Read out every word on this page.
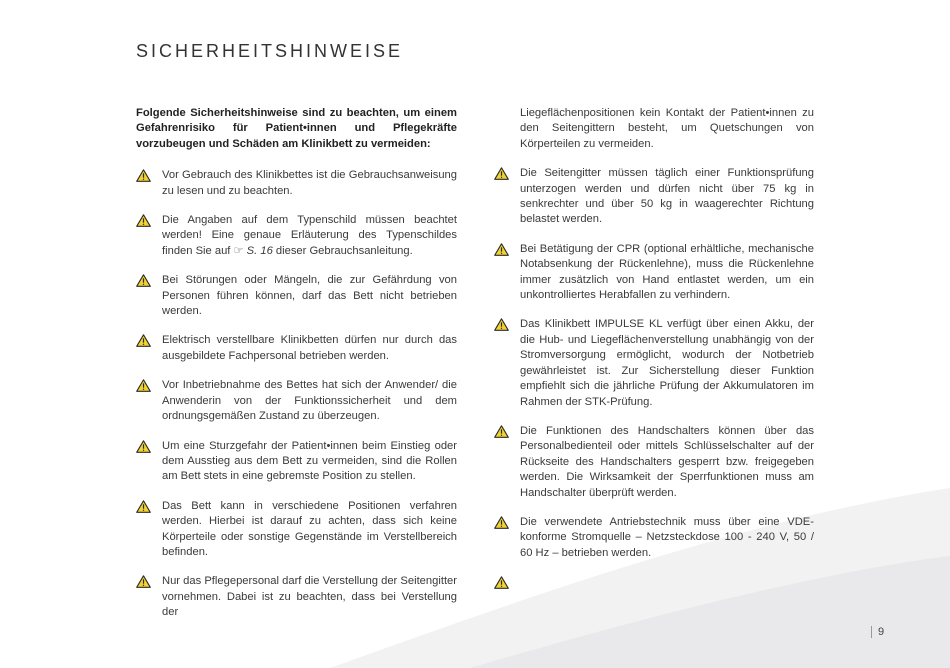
SICHERHEITSHINWEISE

Folgende Sicherheitshinweise sind zu beachten, um einem Gefahrenrisiko für Patient•innen und Pflegekräfte vorzubeugen und Schäden am Klinikbett zu vermeiden:

Vor Gebrauch des Klinikbettes ist die Gebrauchsanweisung zu lesen und zu beachten.
Die Angaben auf dem Typenschild müssen beachtet werden! Eine genaue Erläuterung des Typenschildes finden Sie auf ☞ S. 16 dieser Gebrauchsanleitung.
Bei Störungen oder Mängeln, die zur Gefährdung von Personen führen können, darf das Bett nicht betrieben werden.
Elektrisch verstellbare Klinikbetten dürfen nur durch das ausgebildete Fachpersonal betrieben werden.
Vor Inbetriebnahme des Bettes hat sich der Anwender/ die Anwenderin von der Funktionssicherheit und dem ordnungsgemäßen Zustand zu überzeugen.
Um eine Sturzgefahr der Patient•innen beim Einstieg oder dem Ausstieg aus dem Bett zu vermeiden, sind die Rollen am Bett stets in eine gebremste Position zu stellen.
Das Bett kann in verschiedene Positionen verfahren werden. Hierbei ist darauf zu achten, dass sich keine Körperteile oder sonstige Gegenstände im Verstellbereich befinden.
Nur das Pflegepersonal darf die Verstellung der Seitengitter vornehmen. Dabei ist zu beachten, dass bei Verstellung der

Liegeflächenpositionen kein Kontakt der Patient•innen zu den Seitengittern besteht, um Quetschungen von Körperteilen zu vermeiden.

Die Seitengitter müssen täglich einer Funktionsprüfung unterzogen werden und dürfen nicht über 75 kg in senkrechter und über 50 kg in waagerechter Richtung belastet werden.
Bei Betätigung der CPR (optional erhältliche, mechanische Notabsenkung der Rückenlehne), muss die Rückenlehne immer zusätzlich von Hand entlastet werden, um ein unkontrolliertes Herabfallen zu verhindern.
Das Klinikbett IMPULSE KL verfügt über einen Akku, der die Hub- und Liegeflächenverstellung unabhängig von der Stromversorgung ermöglicht, wodurch der Notbetrieb gewährleistet ist. Zur Sicherstellung dieser Funktion empfiehlt sich die jährliche Prüfung der Akkumulatoren im Rahmen der STK-Prüfung.
Die Funktionen des Handschalters können über das Personalbedienteil oder mittels Schlüsselschalter auf der Rückseite des Handschalters gesperrt bzw. freigegeben werden. Die Wirksamkeit der Sperrfunktionen muss am Handschalter überprüft werden.
Die verwendete Antriebstechnik muss über eine VDE-konforme Stromquelle – Netzsteckdose 100 - 240 V, 50 / 60 Hz – betrieben werden.
9
